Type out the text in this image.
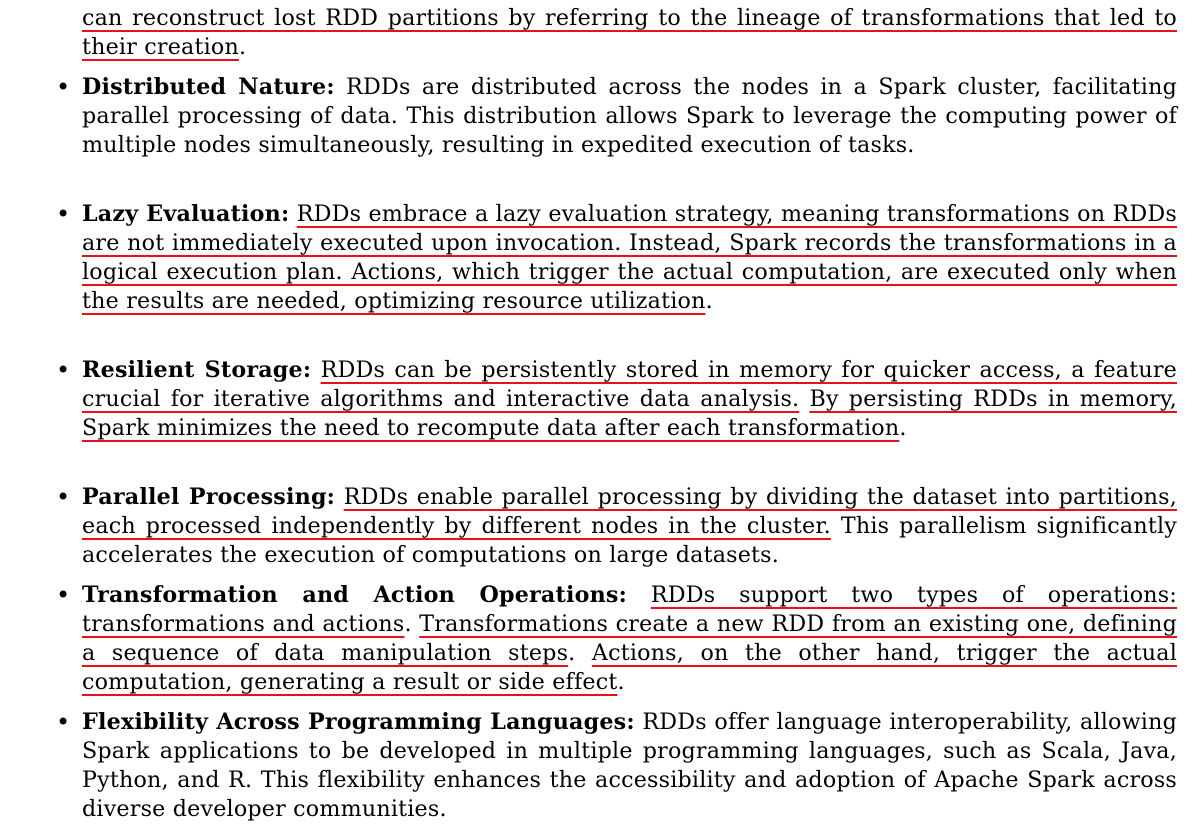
can reconstruct lost RDD partitions by referring to the lineage of transformations that led to their creation.

• Distributed Nature: RDDs are distributed across the nodes in a Spark cluster, facilitating parallel processing of data. This distribution allows Spark to leverage the computing power of multiple nodes simultaneously, resulting in expedited execution of tasks.
• Lazy Evaluation: RDDs embrace a lazy evaluation strategy, meaning transformations on RDDs are not immediately executed upon invocation. Instead, Spark records the transformations in a logical execution plan. Actions, which trigger the actual computation, are executed only when the results are needed, optimizing resource utilization.
• Resilient Storage: RDDs can be persistently stored in memory for quicker access, a feature crucial for iterative algorithms and interactive data analysis. By persisting RDDs in memory, Spark minimizes the need to recompute data after each transformation.
• Parallel Processing: RDDs enable parallel processing by dividing the dataset into partitions, each processed independently by different nodes in the cluster. This parallelism significantly accelerates the execution of computations on large datasets.
• Transformation and Action Operations: RDDs support two types of operations: transformations and actions. Transformations create a new RDD from an existing one, defining a sequence of data manipulation steps. Actions, on the other hand, trigger the actual computation, generating a result or side effect.
• Flexibility Across Programming Languages: RDDs offer language interoperability, allowing Spark applications to be developed in multiple programming languages, such as Scala, Java, Python, and R. This flexibility enhances the accessibility and adoption of Apache Spark across diverse developer communities.
